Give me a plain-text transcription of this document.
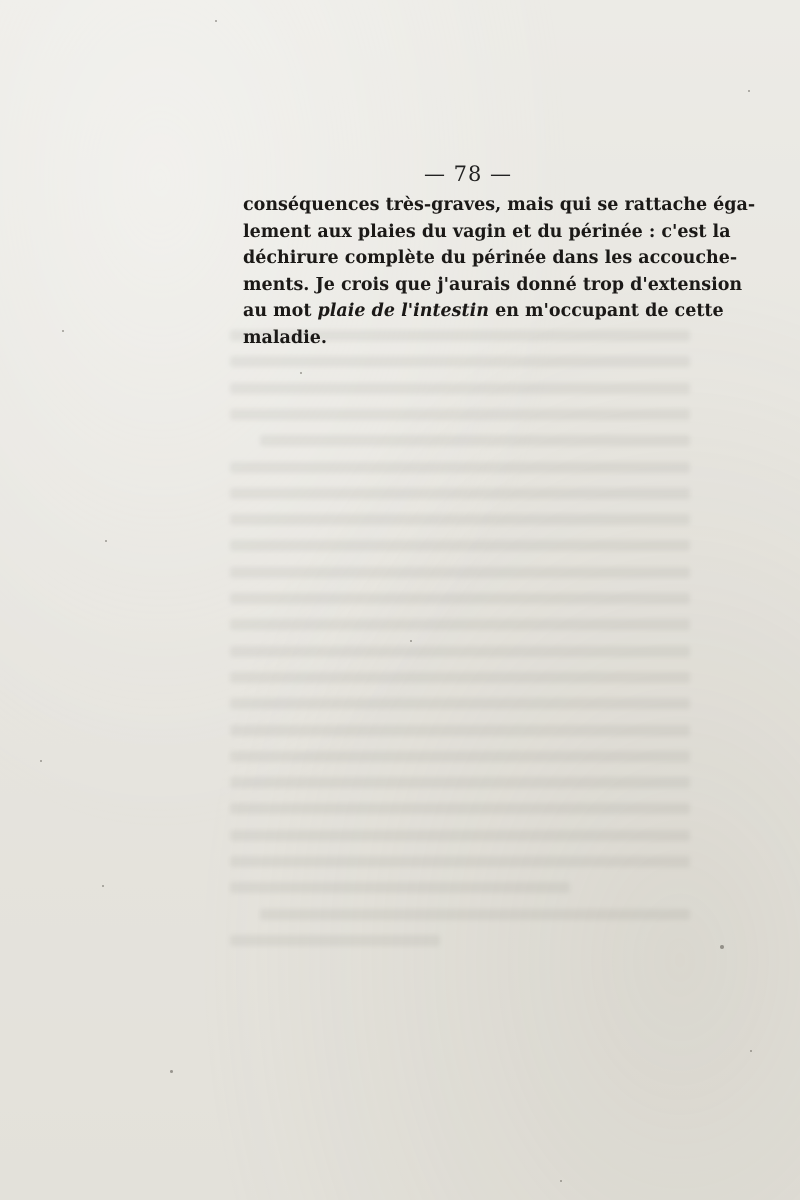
— 78 —
conséquences très-graves, mais qui se rattache éga-
lement aux plaies du vagin et du périnée : c'est la
déchirure complète du périnée dans les accouche-
ments. Je crois que j'aurais donné trop d'extension
au mot plaie de l'intestin en m'occupant de cette
maladie.
